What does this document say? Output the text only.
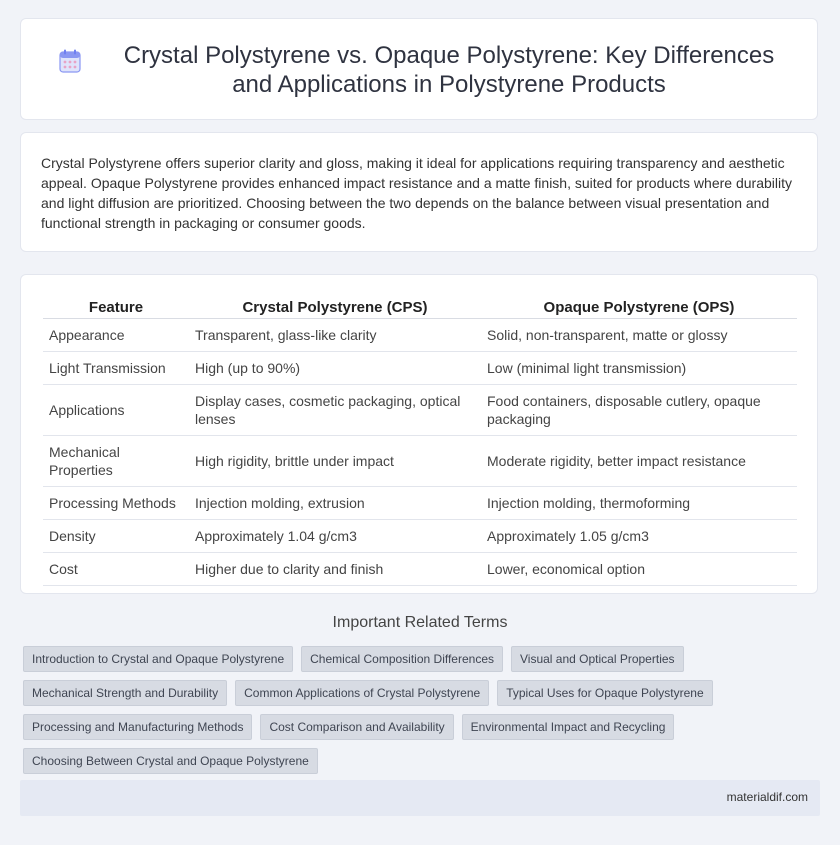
Crystal Polystyrene vs. Opaque Polystyrene: Key Differences and Applications in Polystyrene Products

Crystal Polystyrene offers superior clarity and gloss, making it ideal for applications requiring transparency and aesthetic appeal. Opaque Polystyrene provides enhanced impact resistance and a matte finish, suited for products where durability and light diffusion are prioritized. Choosing between the two depends on the balance between visual presentation and functional strength in packaging or consumer goods.

Feature	Crystal Polystyrene (CPS)	Opaque Polystyrene (OPS)
Appearance	Transparent, glass-like clarity	Solid, non-transparent, matte or glossy
Light Transmission	High (up to 90%)	Low (minimal light transmission)
Applications	Display cases, cosmetic packaging, optical lenses	Food containers, disposable cutlery, opaque packaging
Mechanical Properties	High rigidity, brittle under impact	Moderate rigidity, better impact resistance
Processing Methods	Injection molding, extrusion	Injection molding, thermoforming
Density	Approximately 1.04 g/cm3	Approximately 1.05 g/cm3
Cost	Higher due to clarity and finish	Lower, economical option
Important Related Terms
Introduction to Crystal and Opaque Polystyrene	Chemical Composition Differences	Visual and Optical Properties
Mechanical Strength and Durability	Common Applications of Crystal Polystyrene	Typical Uses for Opaque Polystyrene
Processing and Manufacturing Methods	Cost Comparison and Availability	Environmental Impact and Recycling
Choosing Between Crystal and Opaque Polystyrene
materialdif.com
